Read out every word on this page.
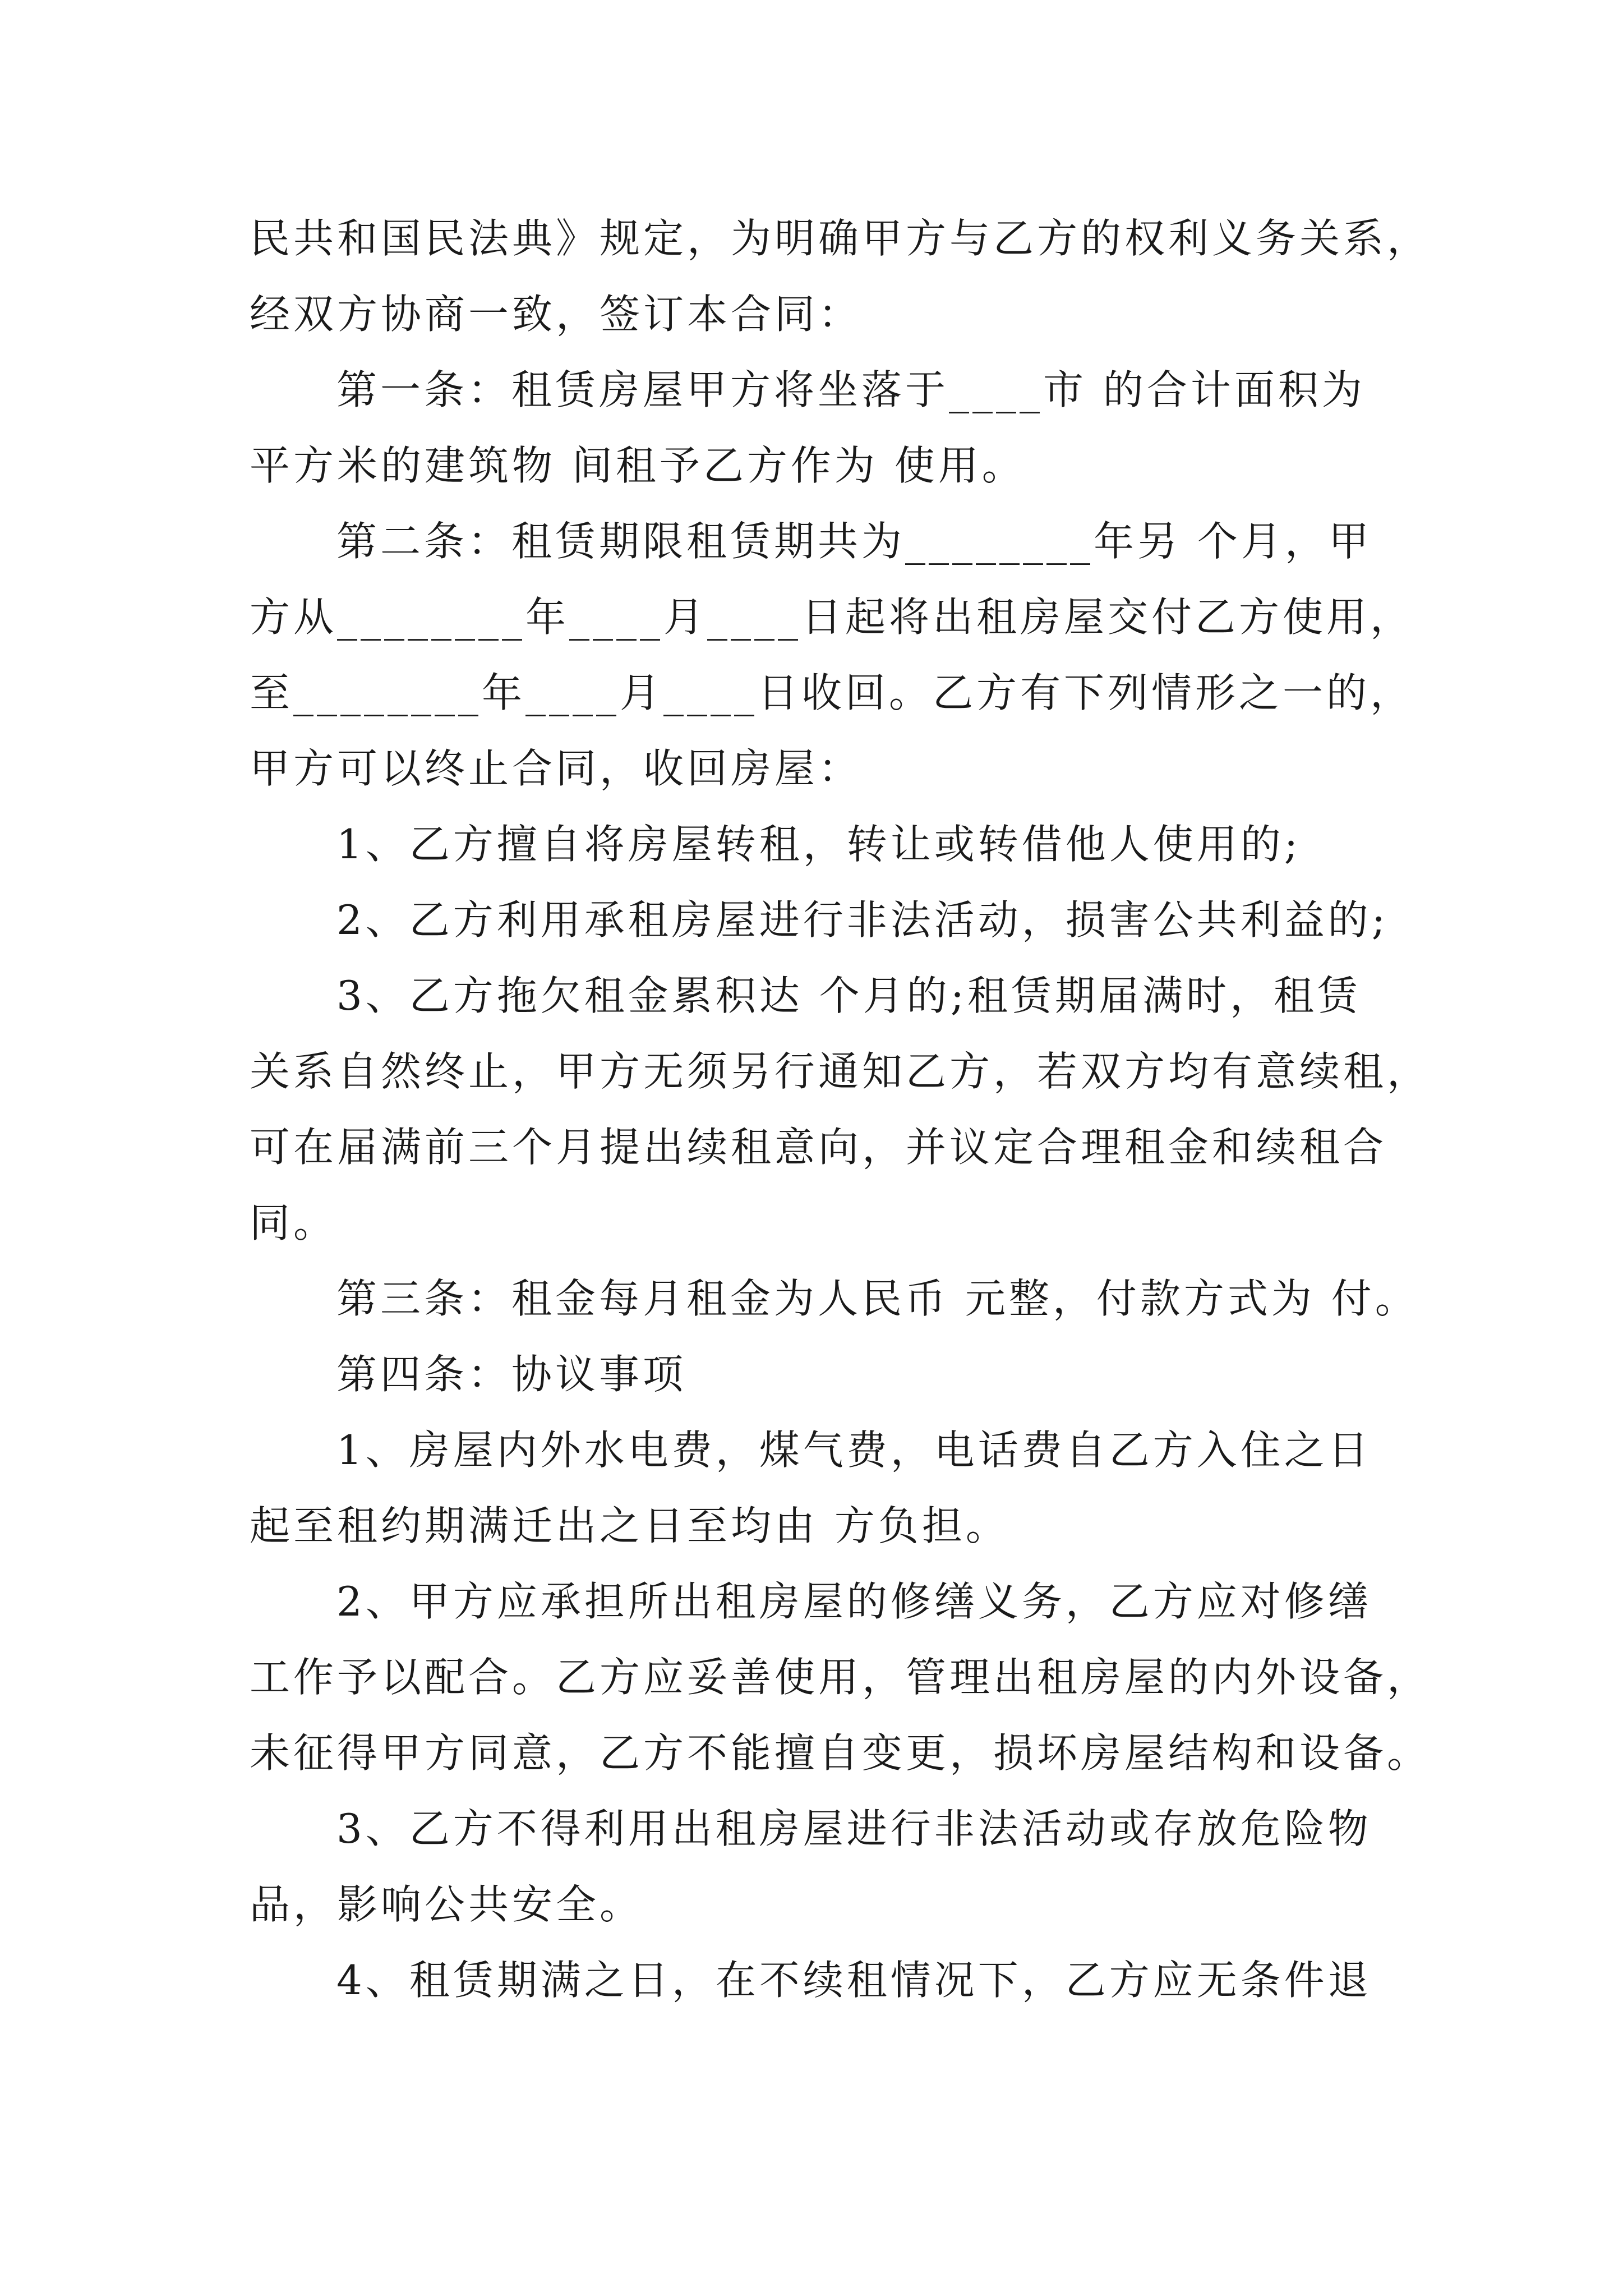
民共和国民法典》规定，为明确甲方与乙方的权利义务关系，
经双方协商一致，签订本合同：
第一条：租赁房屋甲方将坐落于____市 的合计面积为
平方米的建筑物 间租予乙方作为 使用。
第二条：租赁期限租赁期共为________年另 个月，甲
方从________年____月____日起将出租房屋交付乙方使用，
至________年____月____日收回。乙方有下列情形之一的，
甲方可以终止合同，收回房屋：
1、乙方擅自将房屋转租，转让或转借他人使用的;
2、乙方利用承租房屋进行非法活动，损害公共利益的;
3、乙方拖欠租金累积达 个月的;租赁期届满时，租赁
关系自然终止，甲方无须另行通知乙方，若双方均有意续租，
可在届满前三个月提出续租意向，并议定合理租金和续租合
同。
第三条：租金每月租金为人民币 元整，付款方式为 付。
第四条：协议事项
1、房屋内外水电费，煤气费，电话费自乙方入住之日
起至租约期满迁出之日至均由 方负担。
2、甲方应承担所出租房屋的修缮义务，乙方应对修缮
工作予以配合。乙方应妥善使用，管理出租房屋的内外设备，
未征得甲方同意，乙方不能擅自变更，损坏房屋结构和设备。
3、乙方不得利用出租房屋进行非法活动或存放危险物
品，影响公共安全。
4、租赁期满之日，在不续租情况下，乙方应无条件退
